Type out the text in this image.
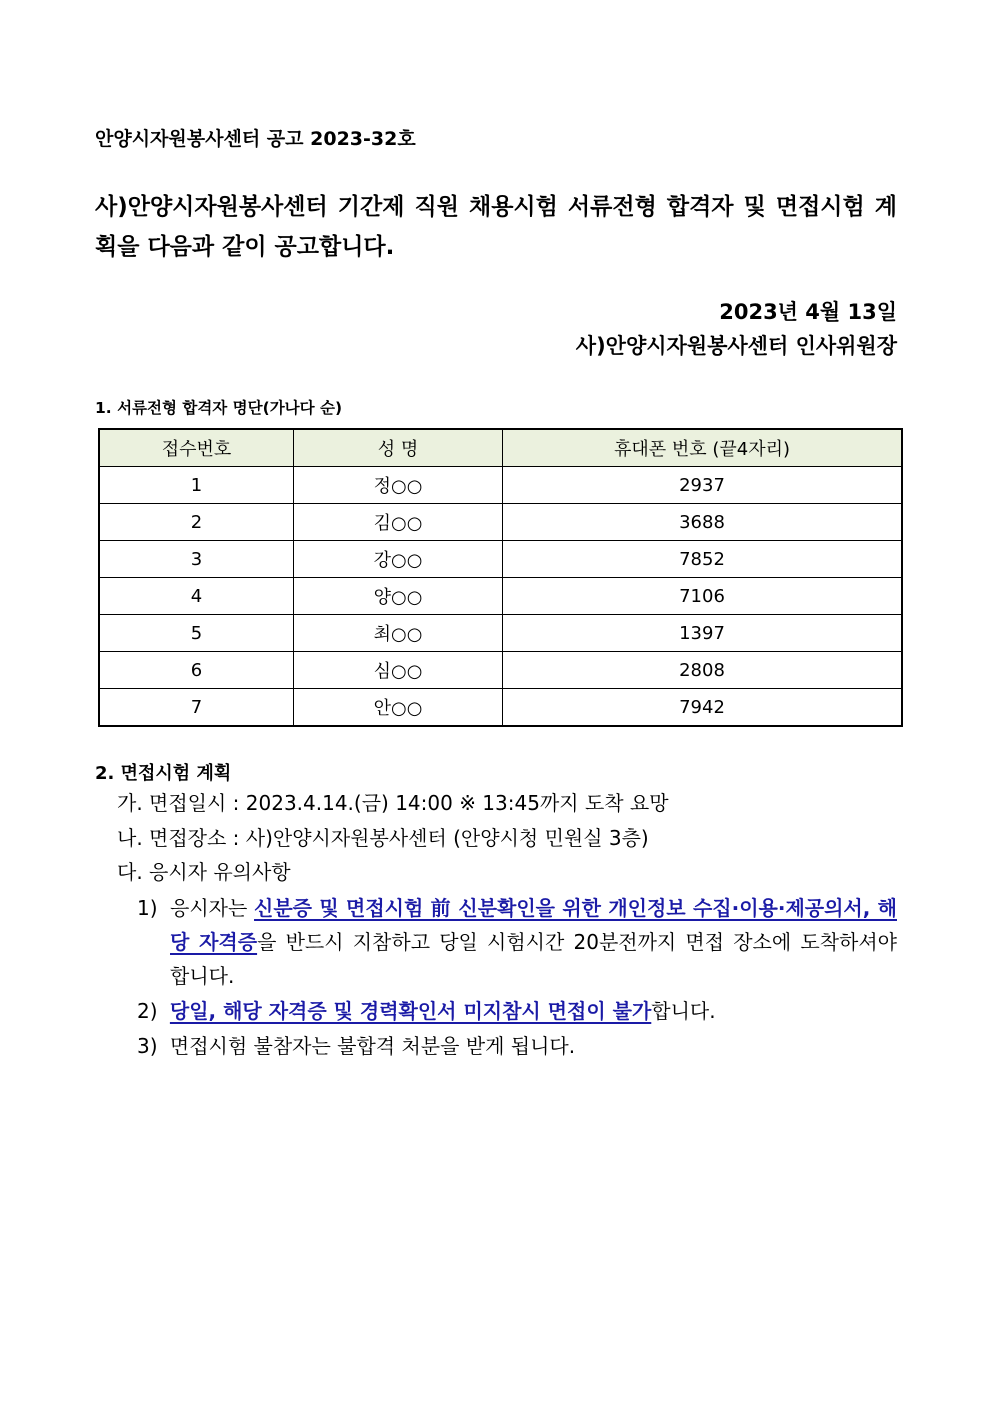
안양시자원봉사센터 공고 2023-32호
사)안양시자원봉사센터 기간제 직원 채용시험 서류전형 합격자 및 면접시험 계획을 다음과 같이 공고합니다.
2023년 4월 13일
사)안양시자원봉사센터 인사위원장
1. 서류전형 합격자 명단(가나다 순)
접수번호	성 명	휴대폰 번호 (끝4자리)
1	정○○	2937
2	김○○	3688
3	강○○	7852
4	양○○	7106
5	최○○	1397
6	심○○	2808
7	안○○	7942
2. 면접시험 계획
가. 면접일시 : 2023.4.14.(금) 14:00 ※ 13:45까지 도착 요망
나. 면접장소 : 사)안양시자원봉사센터 (안양시청 민원실 3층)
다. 응시자 유의사항
1) 응시자는 신분증 및 면접시험 前 신분확인을 위한 개인정보 수집·이용·제공의서, 해당 자격증을 반드시 지참하고 당일 시험시간 20분전까지 면접 장소에 도착하셔야 합니다.
2) 당일, 해당 자격증 및 경력확인서 미지참시 면접이 불가합니다.
3) 면접시험 불참자는 불합격 처분을 받게 됩니다.
